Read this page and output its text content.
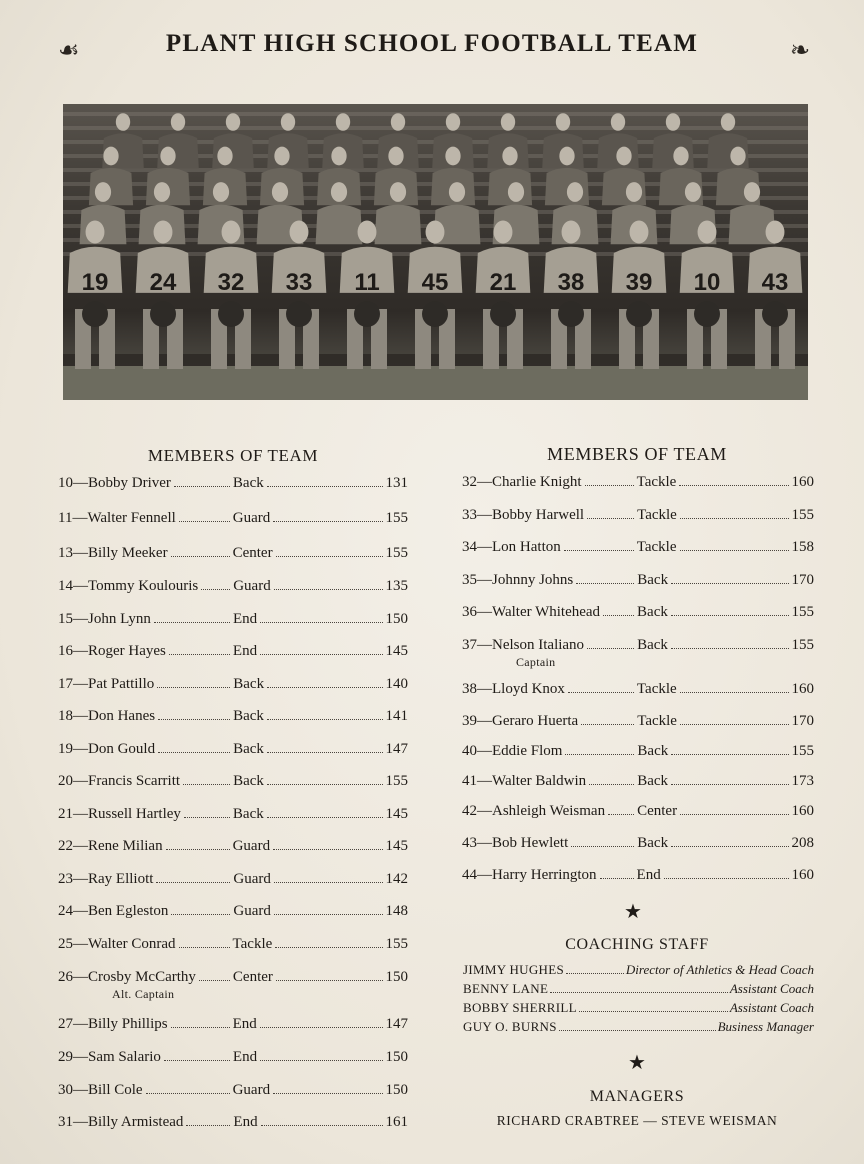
☙	PLANT HIGH SCHOOL FOOTBALL TEAM	❧
19 24 32 33 11 45 21 38 39 10 43
MEMBERS OF TEAM	MEMBERS OF TEAM
10—Bobby Driver	Back	131
11—Walter Fennell	Guard	155
13—Billy Meeker	Center	155
14—Tommy Koulouris Guard	135
15—John Lynn	End	150
16—Roger Hayes	End	145
17—Pat Pattillo	Back	140
18—Don Hanes	Back	141
19—Don Gould	Back	147
20—Francis Scarritt	Back	155
21—Russell Hartley	Back	145
22—Rene Milian	Guard	145
23—Ray Elliott	Guard	142
24—Ben Egleston	Guard	148
25—Walter Conrad	Tackle	155
26—Crosby McCarthy Center	150
Alt. Captain
27—Billy Phillips	End	147
29—Sam Salario	End	150
30—Bill Cole	Guard	150
31—Billy Armistead	End	161
32—Charlie Knight	Tackle	160
33—Bobby Harwell	Tackle	155
34—Lon Hatton	Tackle	158
35—Johnny Johns	Back	170
36—Walter Whitehead Back	155
37—Nelson Italiano	Back	155
Captain
38—Lloyd Knox	Tackle	160
39—Geraro Huerta	Tackle	170
40—Eddie Flom	Back	155
41—Walter Baldwin	Back	173
42—Ashleigh Weisman Center	160
43—Bob Hewlett	Back	208
44—Harry Herrington	End	160
★
COACHING STAFF
JIMMY HUGHES	Director of Athletics & Head Coach
BENNY LANE	Assistant Coach
BOBBY SHERRILL	Assistant Coach
GUY O. BURNS	Business Manager
★
MANAGERS
RICHARD CRABTREE — STEVE WEISMAN
